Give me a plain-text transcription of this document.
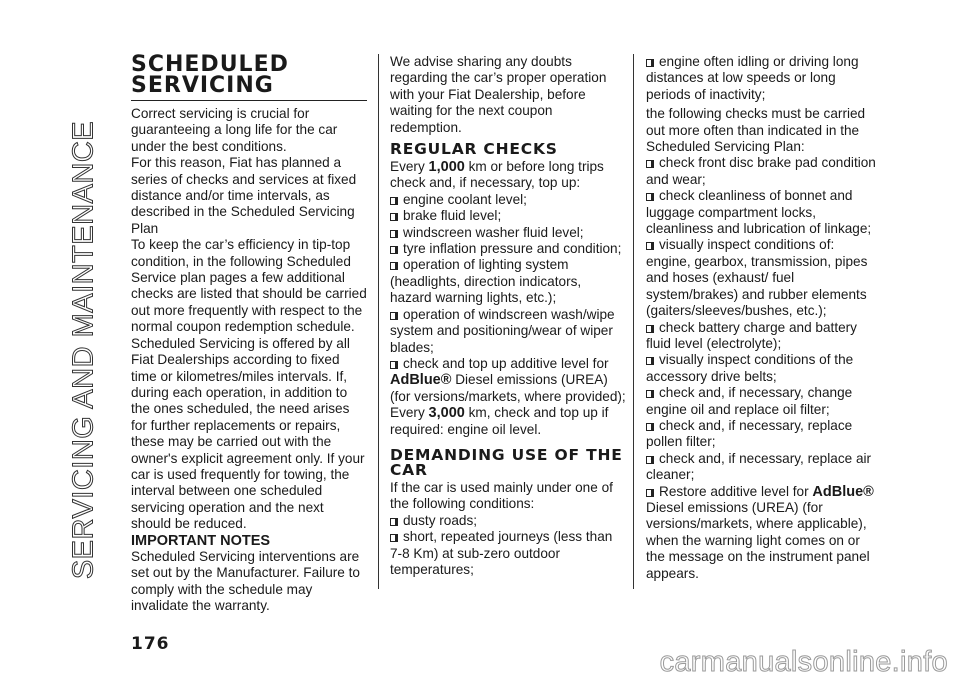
SERVICING AND MAINTENANCE
SCHEDULED
SERVICING

Correct servicing is crucial for guaranteeing a long life for the car under the best conditions.

For this reason, Fiat has planned a series of checks and services at fixed distance and/or time intervals, as described in the Scheduled Servicing Plan

To keep the car’s efficiency in tip-top condition, in the following Scheduled Service plan pages a few additional checks are listed that should be carried out more frequently with respect to the normal coupon redemption schedule.

Scheduled Servicing is offered by all Fiat Dealerships according to fixed time or kilometres/miles intervals. If, during each operation, in addition to the ones scheduled, the need arises for further replacements or repairs, these may be carried out with the owner's explicit agreement only. If your car is used frequently for towing, the interval between one scheduled servicing operation and the next should be reduced.

IMPORTANT NOTES

Scheduled Servicing interventions are set out by the Manufacturer. Failure to comply with the schedule may invalidate the warranty.

We advise sharing any doubts regarding the car’s proper operation with your Fiat Dealership, before waiting for the next coupon redemption.

REGULAR CHECKS

Every 1,000 km or before long trips check and, if necessary, top up:

engine coolant level;

brake fluid level;

windscreen washer fluid level;

tyre inflation pressure and condition;

operation of lighting system (headlights, direction indicators, hazard warning lights, etc.);

operation of windscreen wash/wipe system and positioning/wear of wiper blades;

check and top up additive level for AdBlue® Diesel emissions (UREA) (for versions/markets, where provided);

Every 3,000 km, check and top up if required: engine oil level.

DEMANDING USE OF THE CAR

If the car is used mainly under one of the following conditions:

dusty roads;

short, repeated journeys (less than 7-8 Km) at sub-zero outdoor temperatures;

engine often idling or driving long distances at low speeds or long periods of inactivity;

the following checks must be carried out more often than indicated in the Scheduled Servicing Plan:

check front disc brake pad condition and wear;

check cleanliness of bonnet and luggage compartment locks, cleanliness and lubrication of linkage;

visually inspect conditions of: engine, gearbox, transmission, pipes and hoses (exhaust/ fuel system/brakes) and rubber elements (gaiters/sleeves/bushes, etc.);

check battery charge and battery fluid level (electrolyte);

visually inspect conditions of the accessory drive belts;

check and, if necessary, change engine oil and replace oil filter;

check and, if necessary, replace pollen filter;

check and, if necessary, replace air cleaner;

Restore additive level for AdBlue® Diesel emissions (UREA) (for versions/markets, where applicable), when the warning light comes on or the message on the instrument panel appears.

176
carmanualsonline.info
